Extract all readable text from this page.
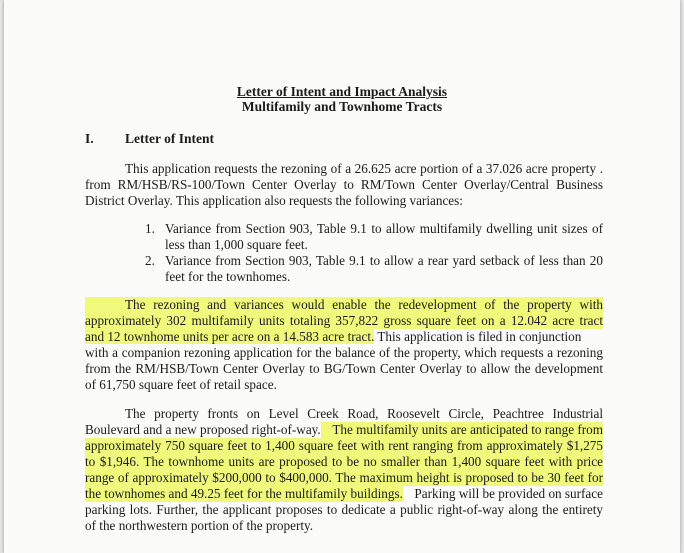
Letter of Intent and Impact Analysis
Multifamily and Townhome Tracts
I. Letter of Intent
This application requests the rezoning of a 26.625 acre portion of a 37.026 acre property .
from RM/HSB/RS-100/Town Center Overlay to RM/Town Center Overlay/Central Business
District Overlay. This application also requests the following variances:
1. Variance from Section 903, Table 9.1 to allow multifamily dwelling unit sizes of
less than 1,000 square feet.
2. Variance from Section 903, Table 9.1 to allow a rear yard setback of less than 20
feet for the townhomes.
The rezoning and variances would enable the redevelopment of the property with
approximately 302 multifamily units totaling 357,822 gross square feet on a 12.042 acre tract
and 12 townhome units per acre on a 14.583 acre tract. This application is filed in conjunction
with a companion rezoning application for the balance of the property, which requests a rezoning
from the RM/HSB/Town Center Overlay to BG/Town Center Overlay to allow the development
of 61,750 square feet of retail space.
The property fronts on Level Creek Road, Roosevelt Circle, Peachtree Industrial
Boulevard and a new proposed right-of-way. The multifamily units are anticipated to range from
approximately 750 square feet to 1,400 square feet with rent ranging from approximately $1,275
to $1,946. The townhome units are proposed to be no smaller than 1,400 square feet with price
range of approximately $200,000 to $400,000. The maximum height is proposed to be 30 feet for
the townhomes and 49.25 feet for the multifamily buildings. Parking will be provided on surface
parking lots. Further, the applicant proposes to dedicate a public right-of-way along the entirety
of the northwestern portion of the property.
